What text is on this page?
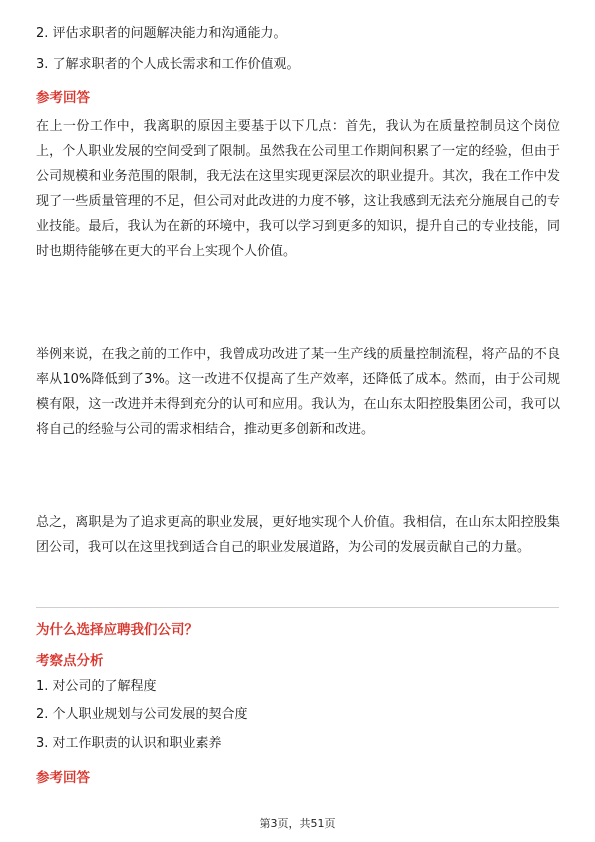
2. 评估求职者的问题解决能力和沟通能力。
3. 了解求职者的个人成长需求和工作价值观。
参考回答
在上一份工作中，我离职的原因主要基于以下几点：首先，我认为在质量控制员这个岗位上，个人职业发展的空间受到了限制。虽然我在公司里工作期间积累了一定的经验，但由于公司规模和业务范围的限制，我无法在这里实现更深层次的职业提升。其次，我在工作中发现了一些质量管理的不足，但公司对此改进的力度不够，这让我感到无法充分施展自己的专业技能。最后，我认为在新的环境中，我可以学习到更多的知识，提升自己的专业技能，同时也期待能够在更大的平台上实现个人价值。
举例来说，在我之前的工作中，我曾成功改进了某一生产线的质量控制流程，将产品的不良率从10%降低到了3%。这一改进不仅提高了生产效率，还降低了成本。然而，由于公司规模有限，这一改进并未得到充分的认可和应用。我认为，在山东太阳控股集团公司，我可以将自己的经验与公司的需求相结合，推动更多创新和改进。
总之，离职是为了追求更高的职业发展，更好地实现个人价值。我相信，在山东太阳控股集团公司，我可以在这里找到适合自己的职业发展道路，为公司的发展贡献自己的力量。
为什么选择应聘我们公司？
考察点分析
1. 对公司的了解程度
2. 个人职业规划与公司发展的契合度
3. 对工作职责的认识和职业素养
参考回答
第3页，共51页
